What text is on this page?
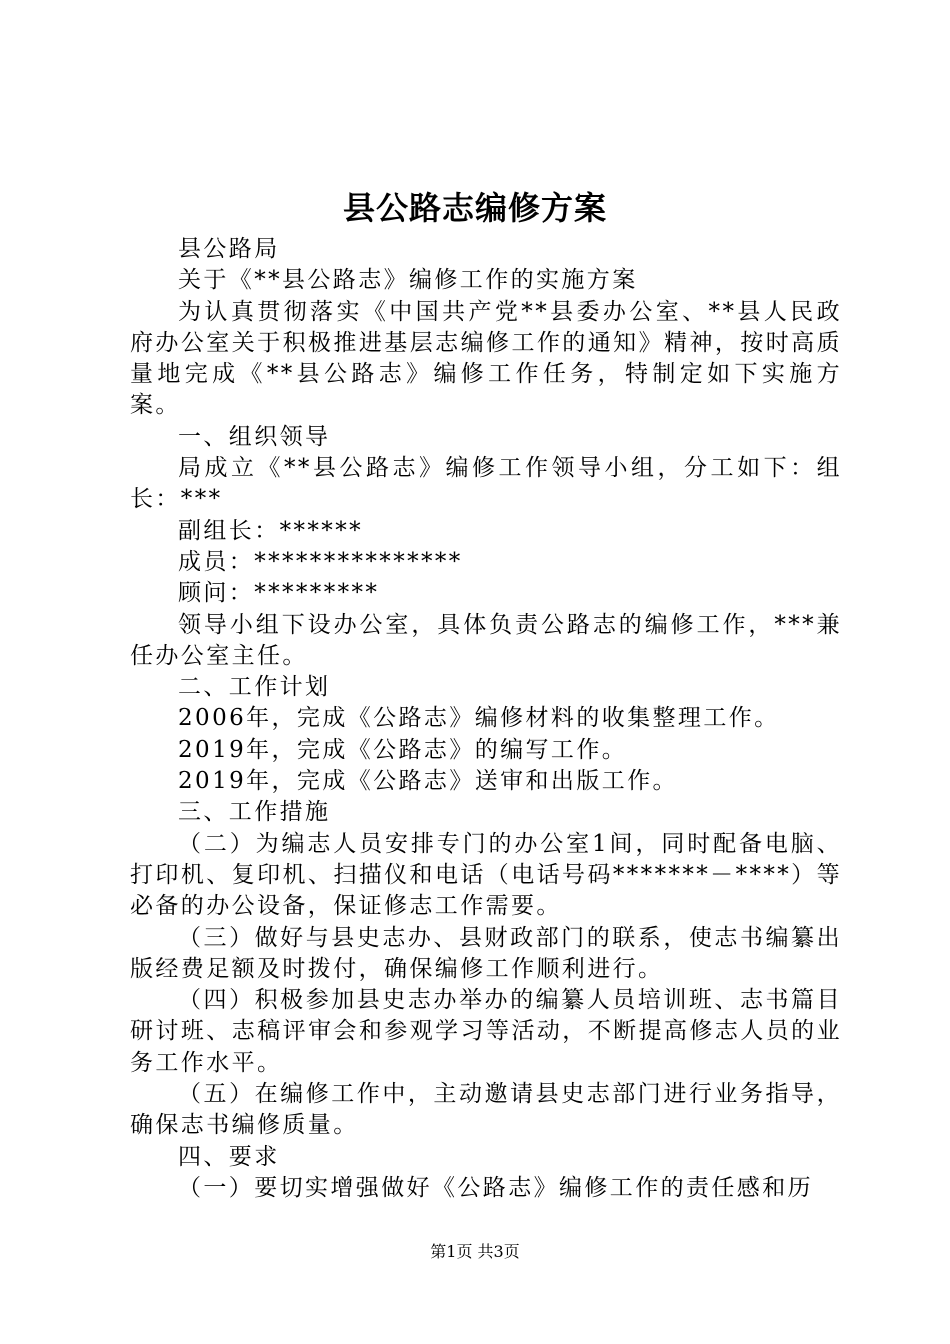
县公路志编修方案

县公路局

关于《**县公路志》编修工作的实施方案

为认真贯彻落实《中国共产党**县委办公室、**县人民政府办公室关于积极推进基层志编修工作的通知》精神，按时高质量地完成《**县公路志》编修工作任务，特制定如下实施方案。

一、组织领导

局成立《**县公路志》编修工作领导小组，分工如下：组长：***

副组长：******

成员：***************

顾问：*********

领导小组下设办公室，具体负责公路志的编修工作，***兼任办公室主任。

二、工作计划

2006年，完成《公路志》编修材料的收集整理工作。

2019年，完成《公路志》的编写工作。

2019年，完成《公路志》送审和出版工作。

三、工作措施

（二）为编志人员安排专门的办公室1间，同时配备电脑、打印机、复印机、扫描仪和电话（电话号码*******－****）等必备的办公设备，保证修志工作需要。

（三）做好与县史志办、县财政部门的联系，使志书编纂出版经费足额及时拨付，确保编修工作顺利进行。

（四）积极参加县史志办举办的编纂人员培训班、志书篇目研讨班、志稿评审会和参观学习等活动，不断提高修志人员的业务工作水平。

（五）在编修工作中，主动邀请县史志部门进行业务指导，确保志书编修质量。

四、要求

（一）要切实增强做好《公路志》编修工作的责任感和历

第1页 共3页
